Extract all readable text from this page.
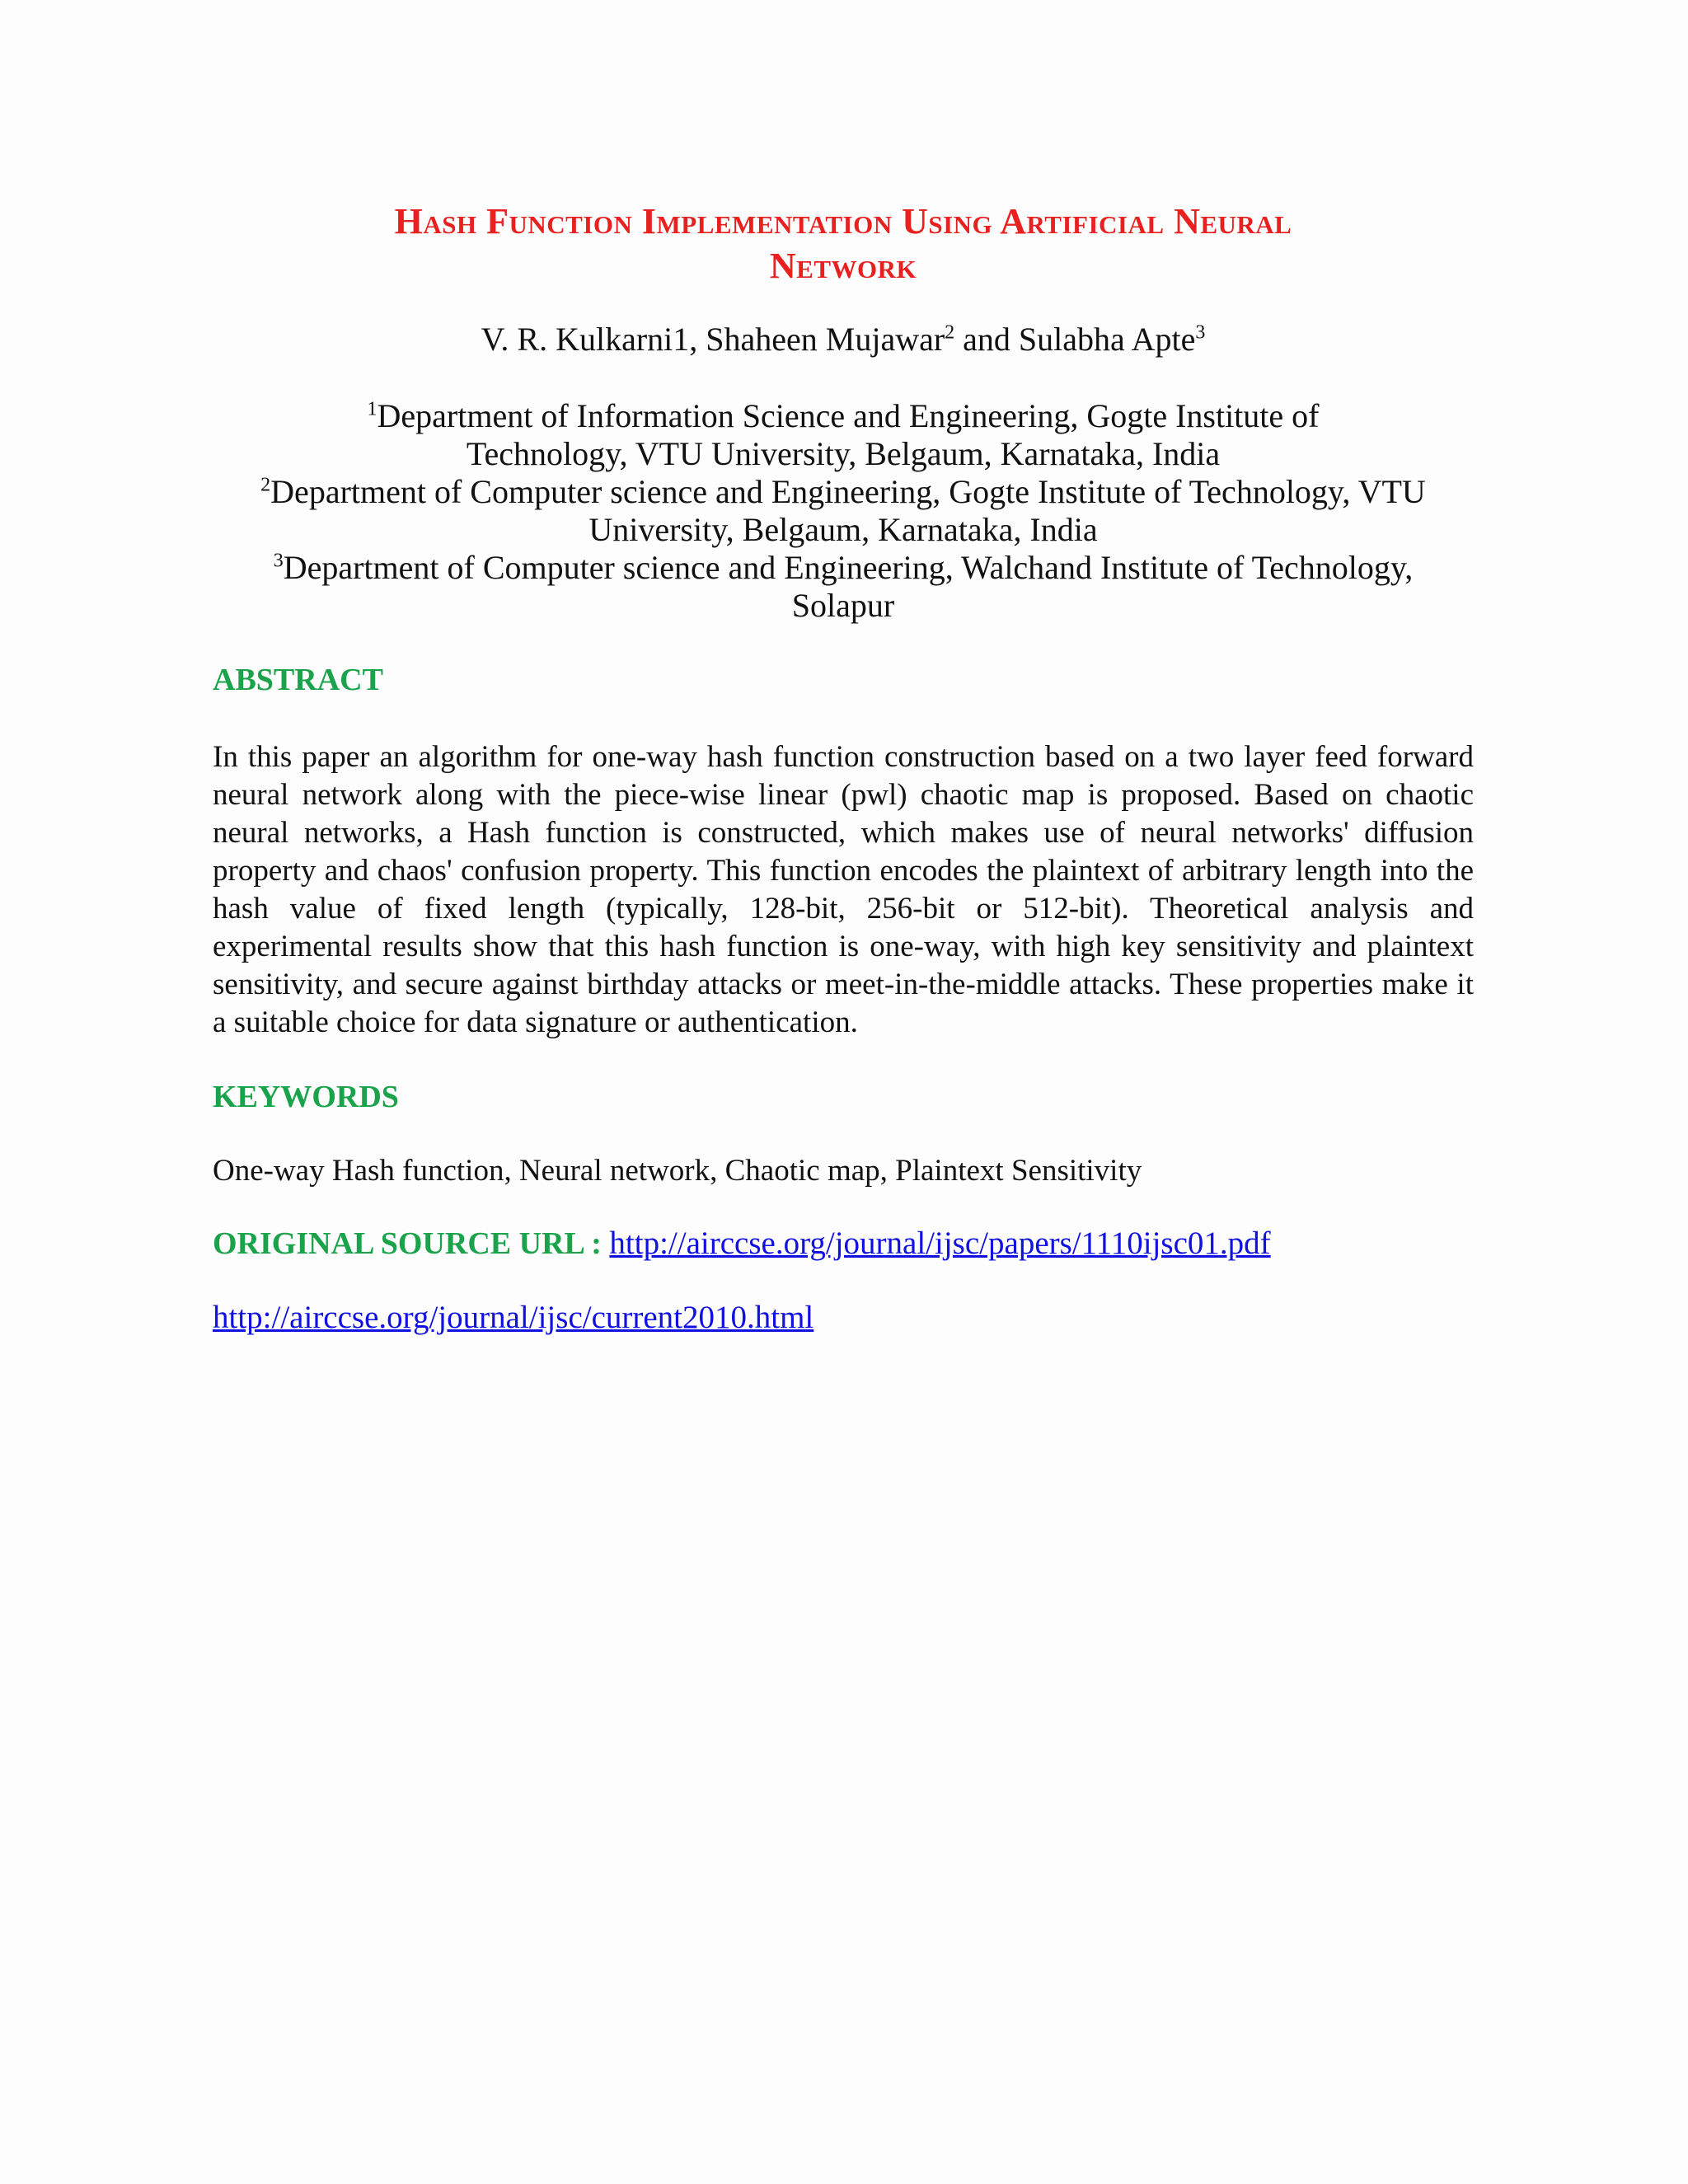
Hash Function Implementation Using Artificial Neural
Network
V. R. Kulkarni1, Shaheen Mujawar$^2$ and Sulabha Apte$^3$
$^1$Department of Information Science and Engineering, Gogte Institute of
Technology, VTU University, Belgaum, Karnataka, India
$^2$Department of Computer science and Engineering, Gogte Institute of Technology, VTU
University, Belgaum, Karnataka, India
$^3$Department of Computer science and Engineering, Walchand Institute of Technology,
Solapur
ABSTRACT

In this paper an algorithm for one-way hash function construction based on a two layer feed forward neural network along with the piece-wise linear (pwl) chaotic map is proposed. Based on chaotic neural networks, a Hash function is constructed, which makes use of neural networks' diffusion property and chaos' confusion property. This function encodes the plaintext of arbitrary length into the hash value of fixed length (typically, 128-bit, 256-bit or 512-bit). Theoretical analysis and experimental results show that this hash function is one-way, with high key sensitivity and plaintext sensitivity, and secure against birthday attacks or meet-in-the-middle attacks. These properties make it a suitable choice for data signature or authentication.

KEYWORDS

One-way Hash function, Neural network, Chaotic map, Plaintext Sensitivity

ORIGINAL SOURCE URL : http://airccse.org/journal/ijsc/papers/1110ijsc01.pdf
http://airccse.org/journal/ijsc/current2010.html
